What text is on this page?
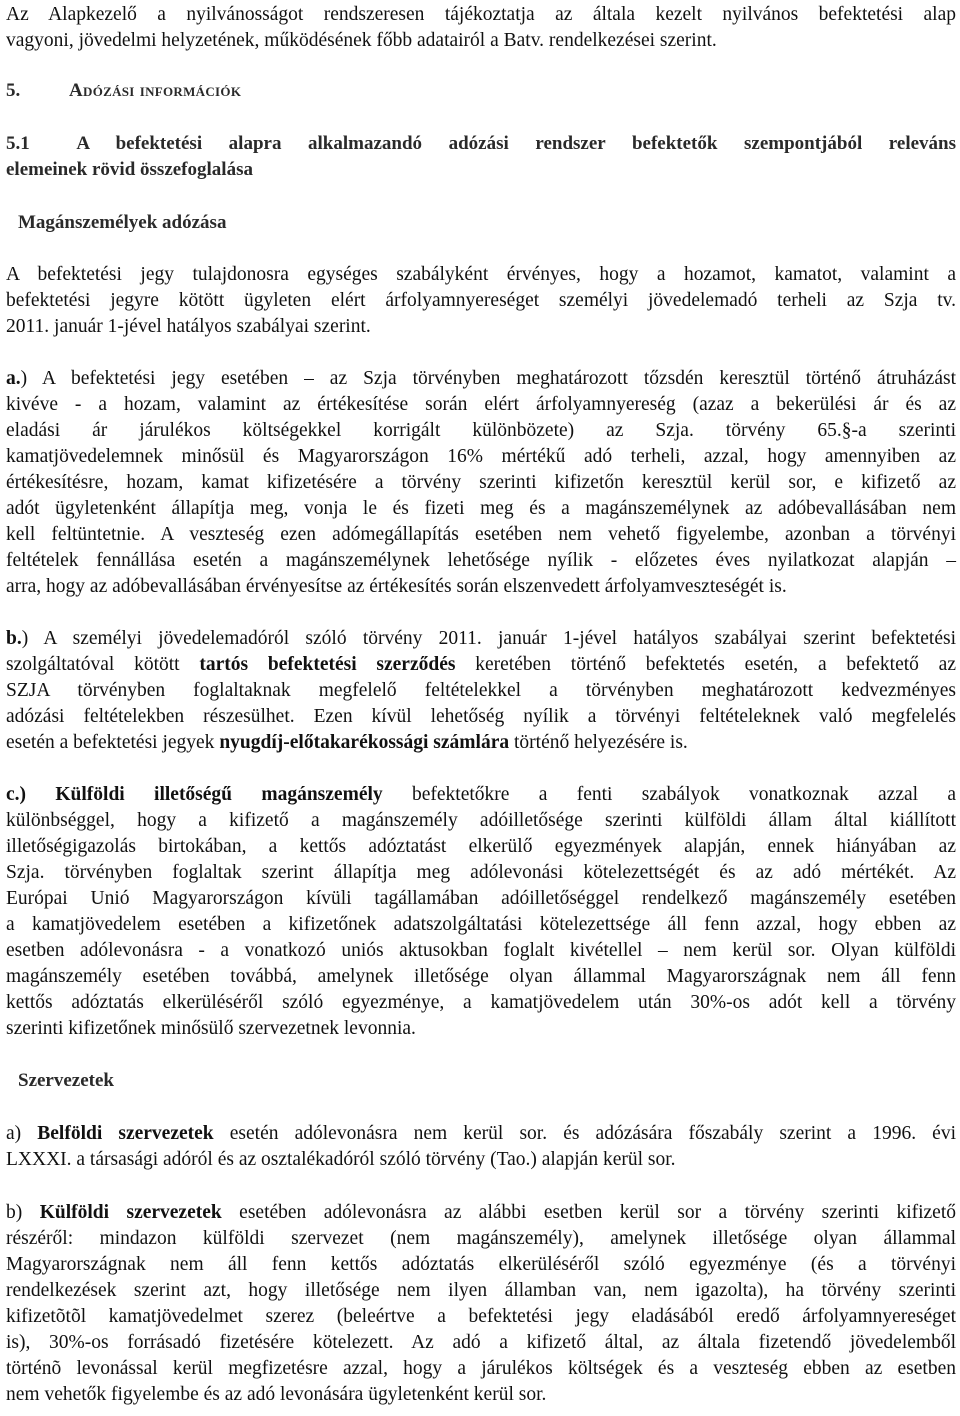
Az Alapkezelő a nyilvánosságot rendszeresen tájékoztatja az általa kezelt nyilvános befektetési alap
vagyoni, jövedelmi helyzetének, működésének főbb adatairól a Batv. rendelkezései szerint.
5.	Adózási információk
5.1 A befektetési alapra alkalmazandó adózási rendszer befektetők szempontjából releváns
elemeinek rövid összefoglalása
Magánszemélyek adózása
A befektetési jegy tulajdonosra egységes szabályként érvényes, hogy a hozamot, kamatot, valamint a
befektetési jegyre kötött ügyleten elért árfolyamnyereséget személyi jövedelemadó terheli az Szja tv.
2011. január 1-jével hatályos szabályai szerint.
a.) A befektetési jegy esetében – az Szja törvényben meghatározott tőzsdén keresztül történő átruházást
kivéve - a hozam, valamint az értékesítése során elért árfolyamnyereség (azaz a bekerülési ár és az
eladási ár járulékos költségekkel korrigált különbözete) az Szja. törvény 65.§-a szerinti
kamatjövedelemnek minősül és Magyarországon 16% mértékű adó terheli, azzal, hogy amennyiben az
értékesítésre, hozam, kamat kifizetésére a törvény szerinti kifizetőn keresztül kerül sor, e kifizető az
adót ügyletenként állapítja meg, vonja le és fizeti meg és a magánszemélynek az adóbevallásában nem
kell feltüntetnie. A veszteség ezen adómegállapítás esetében nem vehető figyelembe, azonban a törvényi
feltételek fennállása esetén a magánszemélynek lehetősége nyílik - előzetes éves nyilatkozat alapján –
arra, hogy az adóbevallásában érvényesítse az értékesítés során elszenvedett árfolyamveszteségét is.
b.) A személyi jövedelemadóról szóló törvény 2011. január 1-jével hatályos szabályai szerint befektetési
szolgáltatóval kötött tartós befektetési szerződés keretében történő befektetés esetén, a befektető az
SZJA törvényben foglaltaknak megfelelő feltételekkel a törvényben meghatározott kedvezményes
adózási feltételekben részesülhet. Ezen kívül lehetőség nyílik a törvényi feltételeknek való megfelelés
esetén a befektetési jegyek nyugdíj-előtakarékossági számlára történő helyezésére is.
c.) Külföldi illetőségű magánszemély befektetőkre a fenti szabályok vonatkoznak azzal a
különbséggel, hogy a kifizető a magánszemély adóilletősége szerinti külföldi állam által kiállított
illetőségigazolás birtokában, a kettős adóztatást elkerülő egyezmények alapján, ennek hiányában az
Szja. törvényben foglaltak szerint állapítja meg adólevonási kötelezettségét és az adó mértékét. Az
Európai Unió Magyarországon kívüli tagállamában adóilletőséggel rendelkező magánszemély esetében
a kamatjövedelem esetében a kifizetőnek adatszolgáltatási kötelezettsége áll fenn azzal, hogy ebben az
esetben adólevonásra - a vonatkozó uniós aktusokban foglalt kivétellel – nem kerül sor. Olyan külföldi
magánszemély esetében továbbá, amelynek illetősége olyan állammal Magyarországnak nem áll fenn
kettős adóztatás elkerüléséről szóló egyezménye, a kamatjövedelem után 30%-os adót kell a törvény
szerinti kifizetőnek minősülő szervezetnek levonnia.
Szervezetek
a) Belföldi szervezetek esetén adólevonásra nem kerül sor. és adózására főszabály szerint a 1996. évi
LXXXI. a társasági adóról és az osztalékadóról szóló törvény (Tao.) alapján kerül sor.
b) Külföldi szervezetek esetében adólevonásra az alábbi esetben kerül sor a törvény szerinti kifizető
részéről: mindazon külföldi szervezet (nem magánszemély), amelynek illetősége olyan állammal
Magyarországnak nem áll fenn kettős adóztatás elkerüléséről szóló egyezménye (és a törvényi
rendelkezések szerint azt, hogy illetősége nem ilyen államban van, nem igazolta), ha törvény szerinti
kifizetõtõl kamatjövedelmet szerez (beleértve a befektetési jegy eladásából eredő árfolyamnyereséget
is), 30%-os forrásadó fizetésére kötelezett. Az adó a kifizető által, az általa fizetendő jövedelemből
történõ levonással kerül megfizetésre azzal, hogy a járulékos költségek és a veszteség ebben az esetben
nem vehetők figyelembe és az adó levonására ügyletenként kerül sor.
